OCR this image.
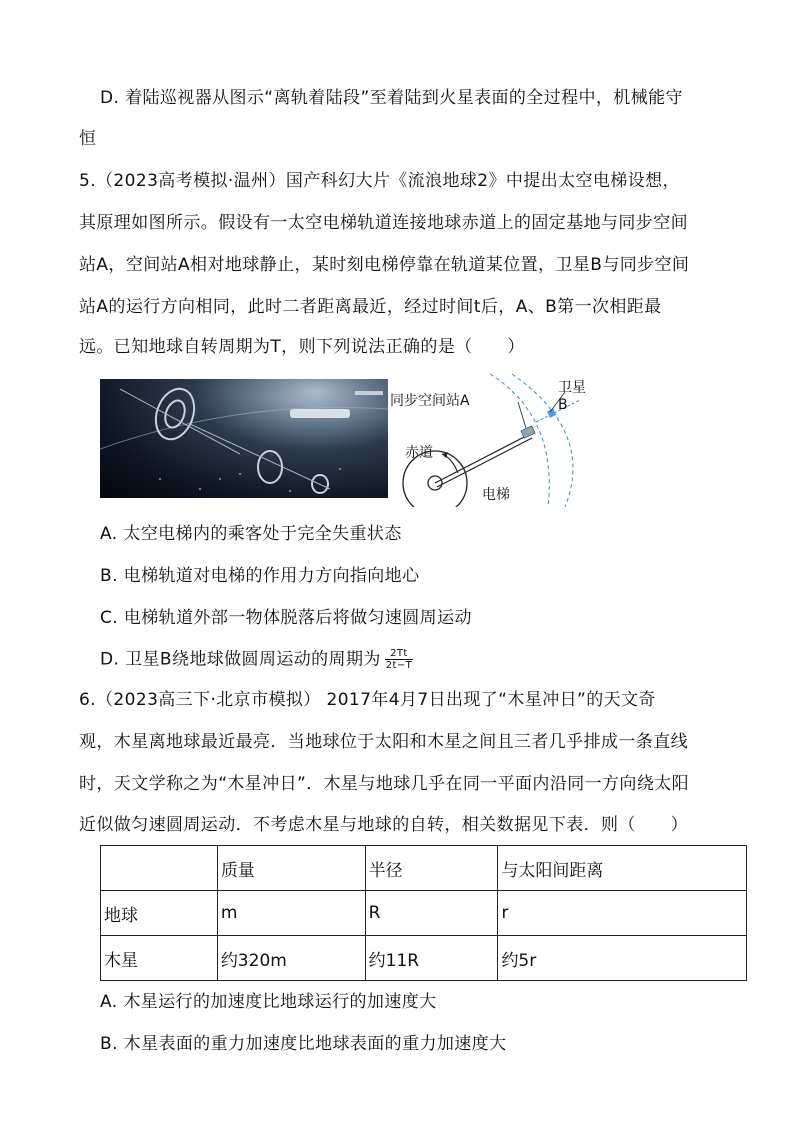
D. 着陆巡视器从图示“离轨着陆段”至着陆到火星表面的全过程中，机械能守
恒
5.（2023高考模拟·温州）国产科幻大片《流浪地球2》中提出太空电梯设想，
其原理如图所示。假设有一太空电梯轨道连接地球赤道上的固定基地与同步空间
站A，空间站A相对地球静止，某时刻电梯停靠在轨道某位置，卫星B与同步空间
站A的运行方向相同，此时二者距离最近，经过时间t后，A、B第一次相距最
远。已知地球自转周期为T，则下列说法正确的是（　　）
同步空间站A
卫星B
赤道
电梯
A. 太空电梯内的乘客处于完全失重状态
B. 电梯轨道对电梯的作用力方向指向地心
C. 电梯轨道外部一物体脱落后将做匀速圆周运动
D. 卫星B绕地球做圆周运动的周期为 $\frac{2Tt}{2t-T}$
6.（2023高三下·北京市模拟） 2017年4月7日出现了“木星冲日”的天文奇
观，木星离地球最近最亮．当地球位于太阳和木星之间且三者几乎排成一条直线
时，天文学称之为“木星冲日”．木星与地球几乎在同一平面内沿同一方向绕太阳
近似做匀速圆周运动．不考虑木星与地球的自转，相关数据见下表．则（　　）
	质量	半径	与太阳间距离
地球	m	R	r
木星	约320m	约11R	约5r
A. 木星运行的加速度比地球运行的加速度大
B. 木星表面的重力加速度比地球表面的重力加速度大
